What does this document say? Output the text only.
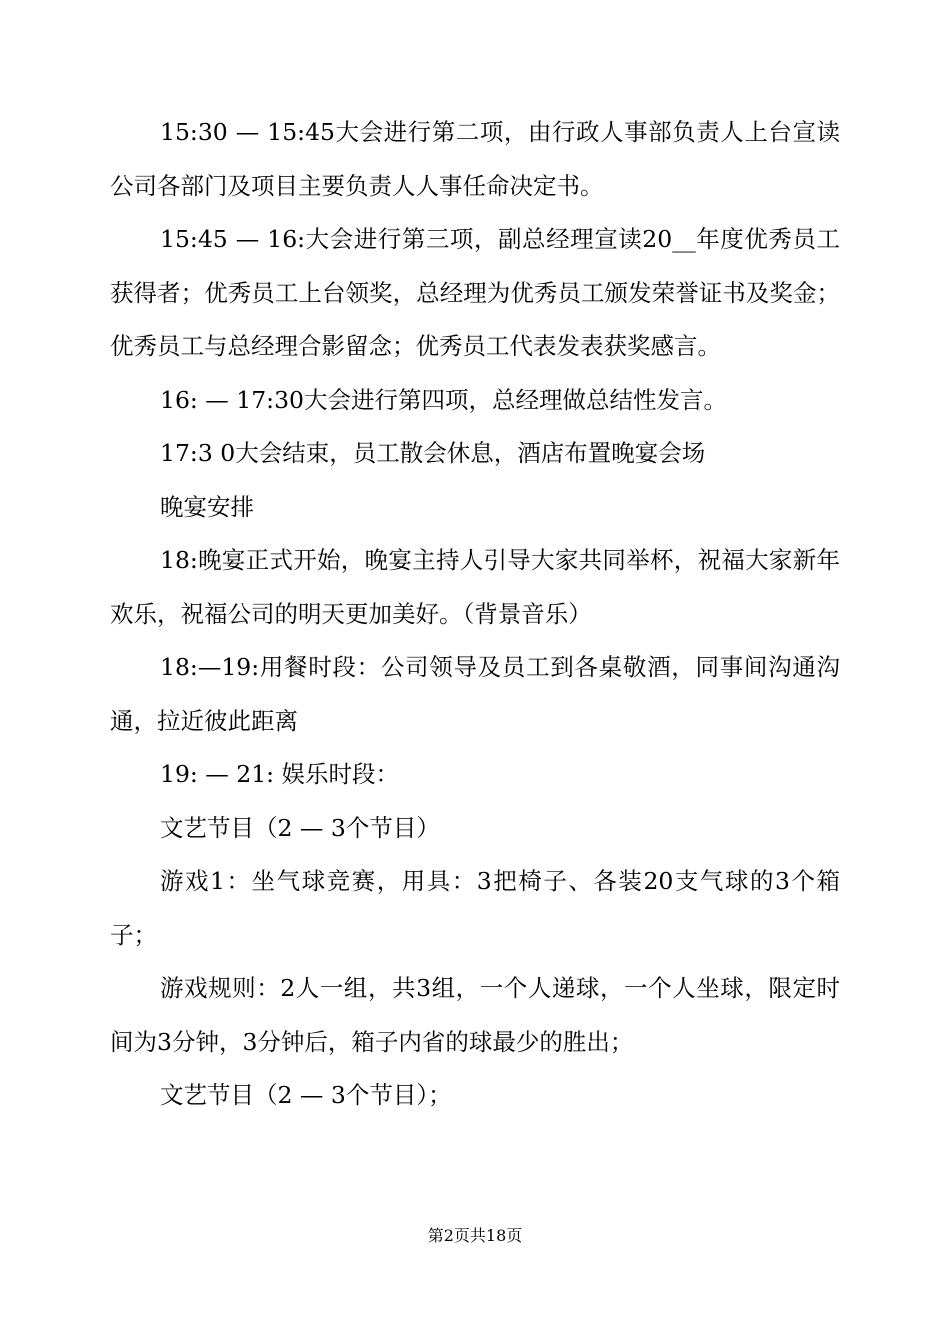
15:30 — 15:45大会进行第二项，由行政人事部负责人上台宣读公司各部门及项目主要负责人人事任命决定书。

15:45 — 16:大会进行第三项，副总经理宣读20__年度优秀员工获得者；优秀员工上台领奖，总经理为优秀员工颁发荣誉证书及奖金；优秀员工与总经理合影留念；优秀员工代表发表获奖感言。

16: — 17:30大会进行第四项，总经理做总结性发言。

17:3 0大会结束，员工散会休息，酒店布置晚宴会场

晚宴安排

18:晚宴正式开始，晚宴主持人引导大家共同举杯，祝福大家新年欢乐，祝福公司的明天更加美好。（背景音乐）

18:—19:用餐时段：公司领导及员工到各桌敬酒，同事间沟通沟通，拉近彼此距离

19: — 21: 娱乐时段：

文艺节目（2 — 3个节目）

游戏1：坐气球竞赛，用具：3把椅子、各装20支气球的3个箱子；

游戏规则：2人一组，共3组，一个人递球，一个人坐球，限定时间为3分钟，3分钟后，箱子内省的球最少的胜出；

文艺节目（2 — 3个节目）；

第2页共18页
